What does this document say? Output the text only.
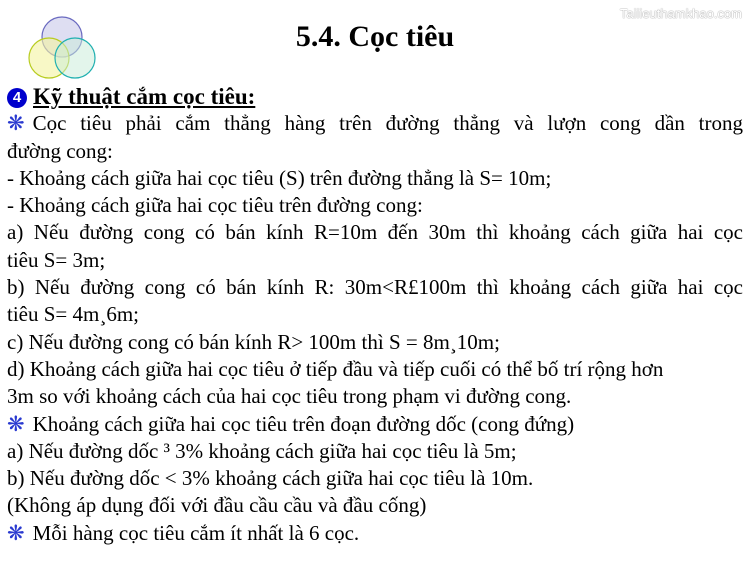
Tailieuthamkhao.com
5.4. Cọc tiêu
4 Kỹ thuật cắm cọc tiêu:
❋ Cọc tiêu phải cắm thẳng hàng trên đường thẳng và lượn cong dần trong
đường cong:
- Khoảng cách giữa hai cọc tiêu (S) trên đường thẳng là S= 10m;
- Khoảng cách giữa hai cọc tiêu trên đường cong:
a) Nếu đường cong có bán kính R=10m đến 30m thì khoảng cách giữa hai cọc
tiêu S= 3m;
b) Nếu đường cong có bán kính R: 30m<R£100m thì khoảng cách giữa hai cọc
tiêu S= 4m¸6m;
c) Nếu đường cong có bán kính R> 100m thì S = 8m¸10m;
d) Khoảng cách giữa hai cọc tiêu ở tiếp đầu và tiếp cuối có thể bố trí rộng hơn
3m so với khoảng cách của hai cọc tiêu trong phạm vi đường cong.
❋ Khoảng cách giữa hai cọc tiêu trên đoạn đường dốc (cong đứng)
a) Nếu đường dốc ³ 3% khoảng cách giữa hai cọc tiêu là 5m;
b) Nếu đường dốc < 3% khoảng cách giữa hai cọc tiêu là 10m.
(Không áp dụng đối với đầu cầu cầu và đầu cống)
❋ Mỗi hàng cọc tiêu cắm ít nhất là 6 cọc.
